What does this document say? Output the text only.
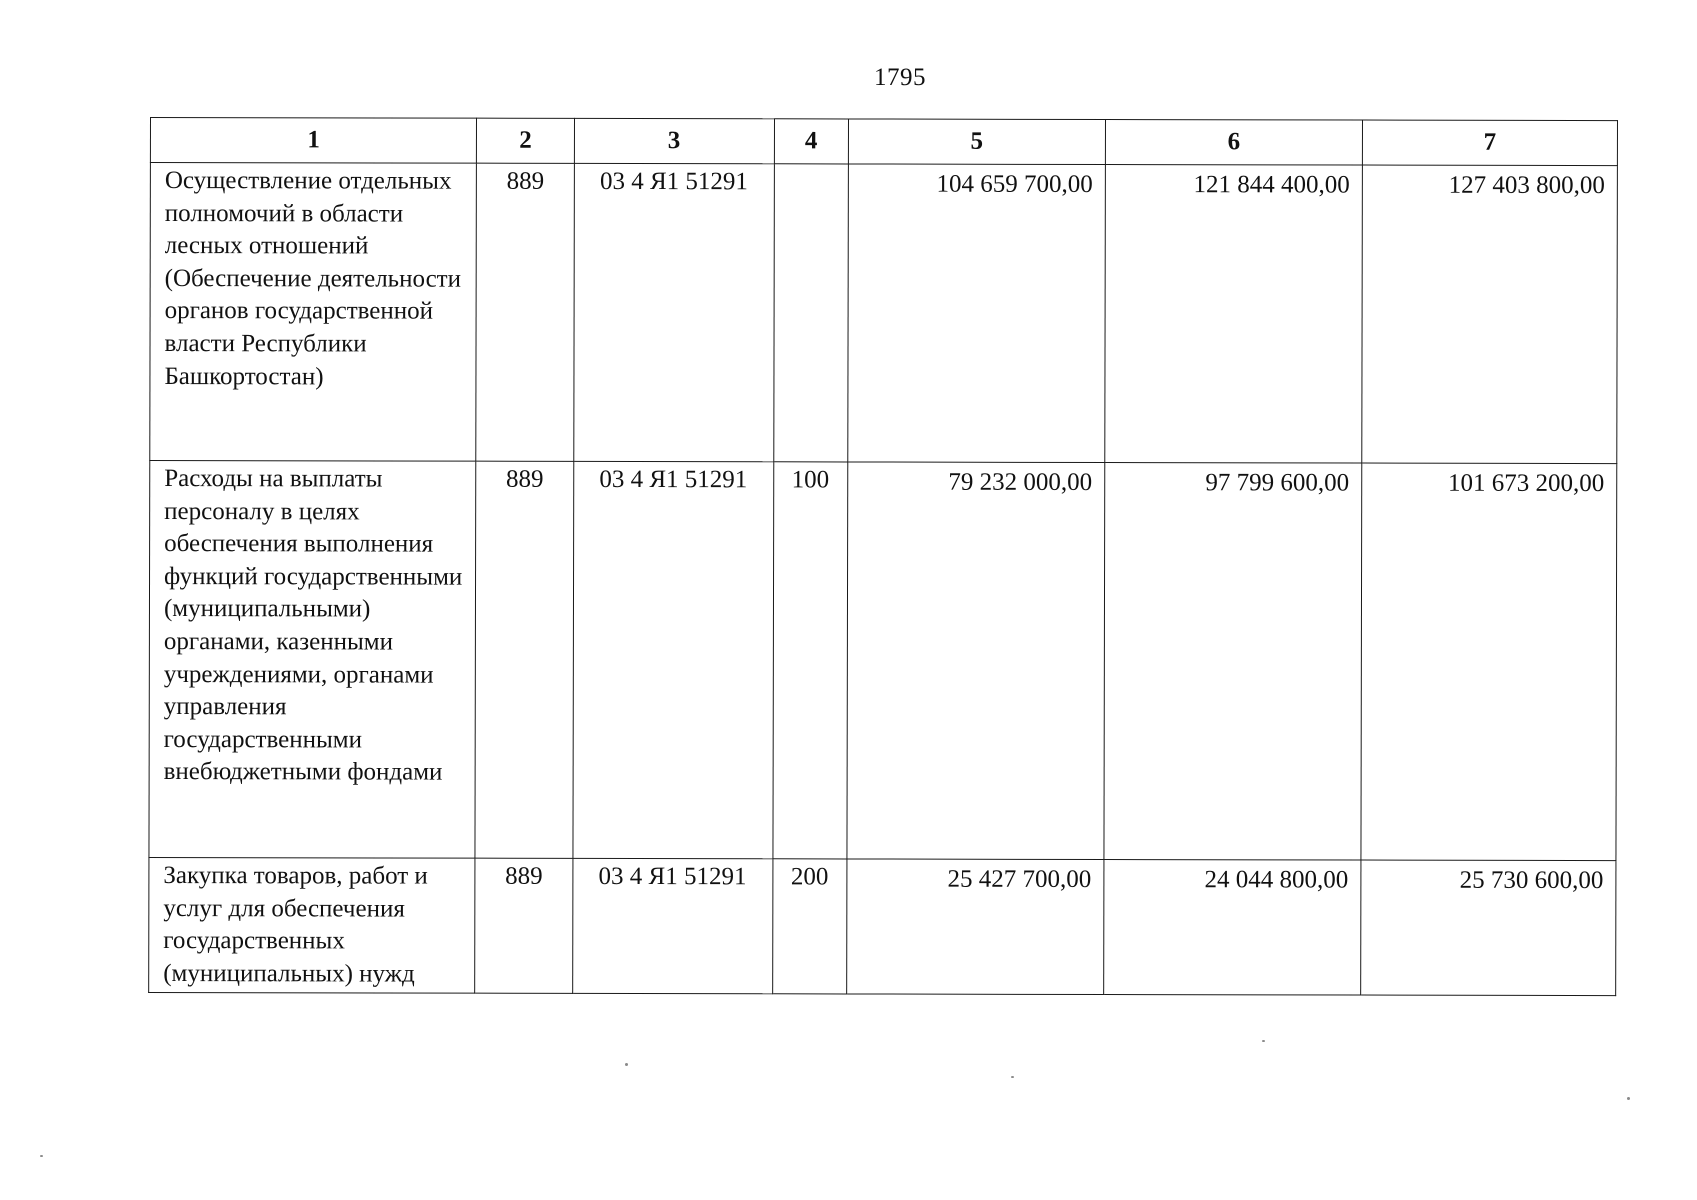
1795
1	2	3	4	5	6	7
Осуществление отдельных полномочий в области лесных отношений (Обеспечение деятельности органов государственной власти Республики Башкортостан)	889	03 4 Я1 51291		104 659 700,00	121 844 400,00	127 403 800,00
Расходы на выплаты персоналу в целях обеспечения выполнения функций государственными (муниципальными) органами, казенными учреждениями, органами управления государственными внебюджетными фондами	889	03 4 Я1 51291	100	79 232 000,00	97 799 600,00	101 673 200,00
Закупка товаров, работ и услуг для обеспечения государственных (муниципальных) нужд	889	03 4 Я1 51291	200	25 427 700,00	24 044 800,00	25 730 600,00
